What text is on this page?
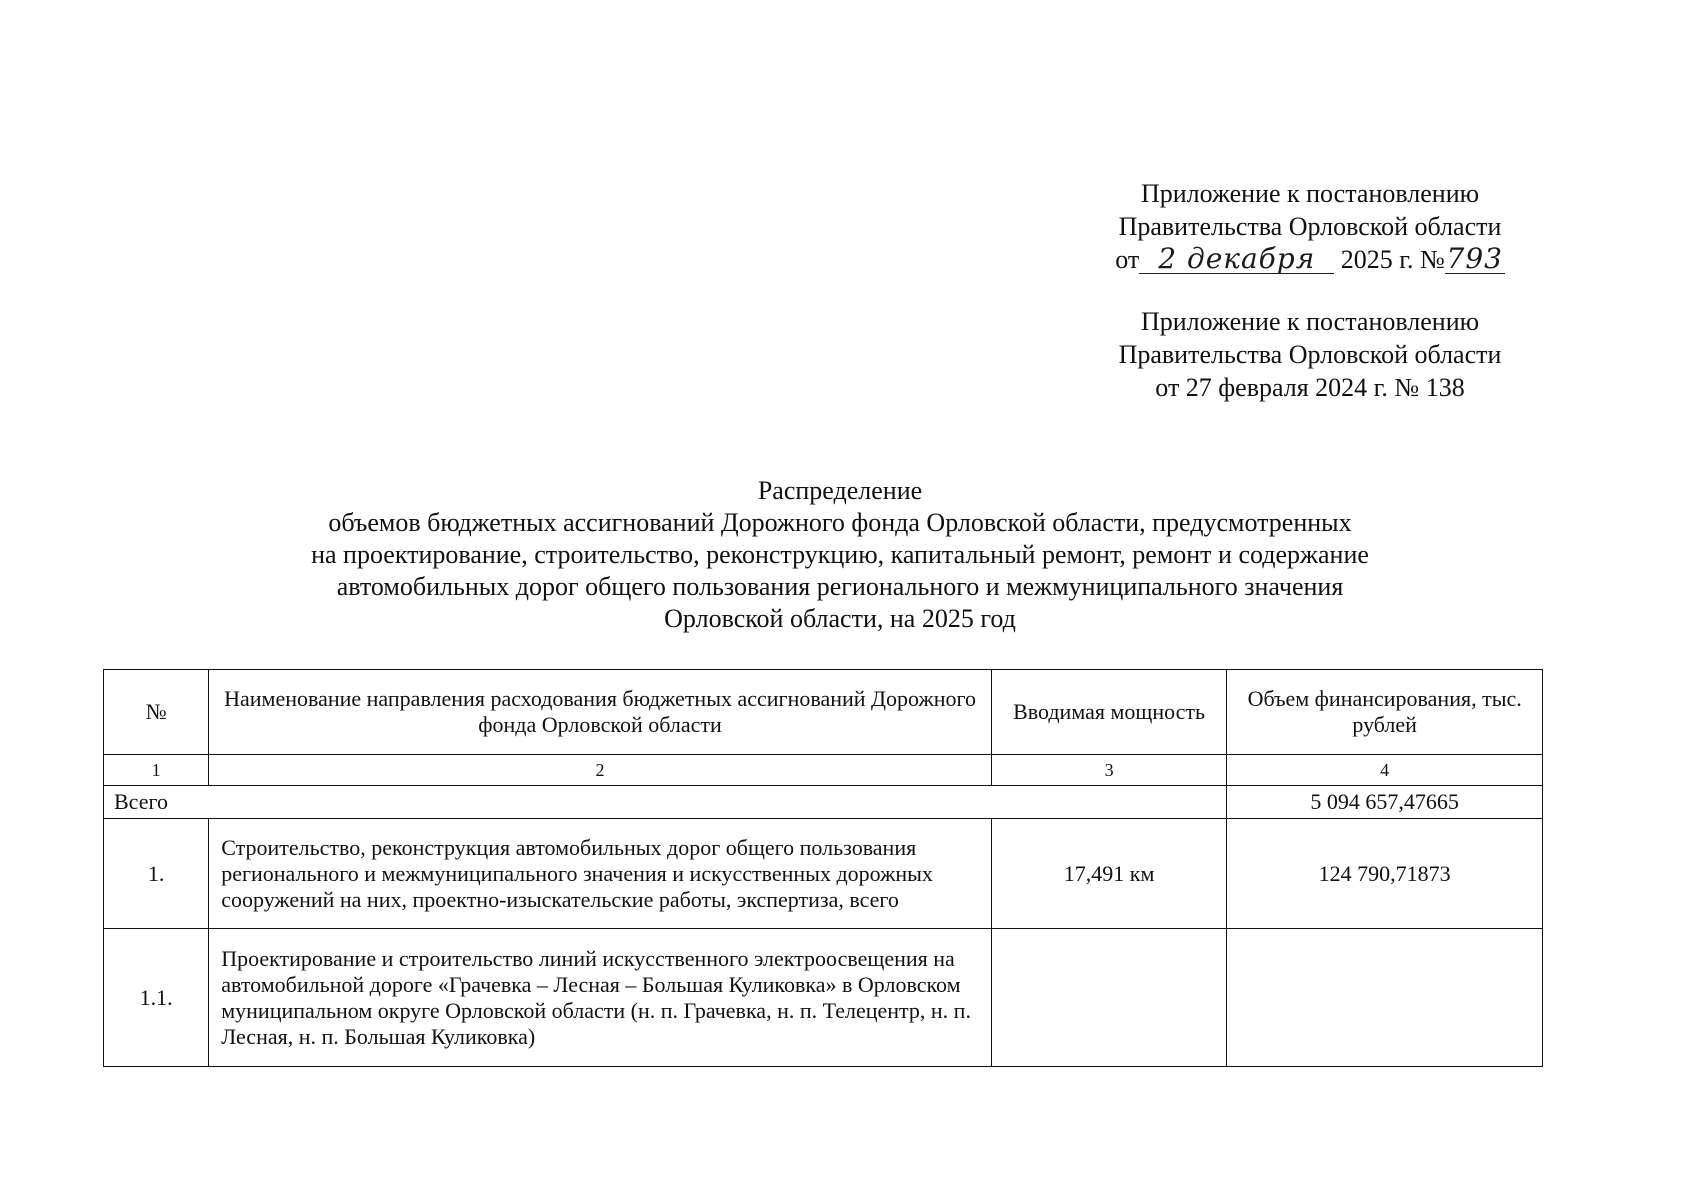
Приложение к постановлению
Правительства Орловской области
от 2 декабря 2025 г. №793
Приложение к постановлению
Правительства Орловской области
от 27 февраля 2024 г. № 138
Распределение
объемов бюджетных ассигнований Дорожного фонда Орловской области, предусмотренных
на проектирование, строительство, реконструкцию, капитальный ремонт, ремонт и содержание
автомобильных дорог общего пользования регионального и межмуниципального значения
Орловской области, на 2025 год
№	Наименование направления расходования бюджетных ассигнований Дорожного фонда Орловской области	Вводимая мощность	Объем финансирования, тыс. рублей
1	2	3	4
Всего			5 094 657,47665
1.	Строительство, реконструкция автомобильных дорог общего пользования регионального и межмуниципального значения и искусственных дорожных сооружений на них, проектно-изыскательские работы, экспертиза, всего	17,491 км	124 790,71873
1.1.	Проектирование и строительство линий искусственного электроосвещения на автомобильной дороге «Грачевка – Лесная – Большая Куликовка» в Орловском муниципальном округе Орловской области (н. п. Грачевка, н. п. Телецентр, н. п. Лесная, н. п. Большая Куликовка)		
